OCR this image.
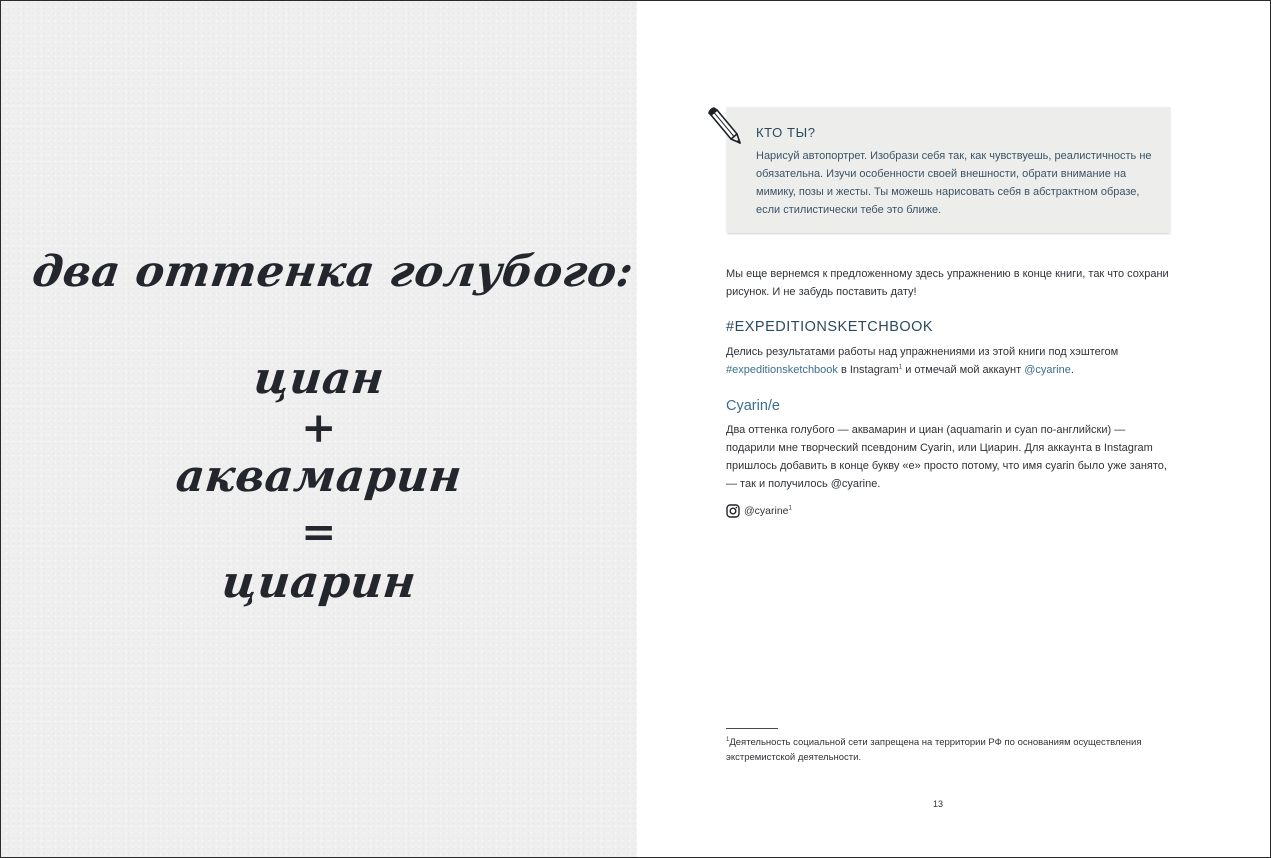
два оттенка голубого:
циан
+
аквамарин
=
циарин
КТО ТЫ?
Нарисуй автопортрет. Изобрази себя так, как чувствуешь, реалистичность не обязательна. Изучи особенности своей внешности, обрати внимание на мимику, позы и жесты. Ты можешь нарисовать себя в абстрактном образе, если стилистически тебе это ближе.
Мы еще вернемся к предложенному здесь упражнению в конце книги, так что сохрани рисунок. И не забудь поставить дату!
#EXPEDITIONSKETCHBOOK
Делись результатами работы над упражнениями из этой книги под хэштегом #expeditionsketchbook в Instagram$^1$ и отмечай мой аккаунт @cyarine.
Cyarin/e
Два оттенка голубого — аквамарин и циан (aquamarin и cyan по-английски) — подарили мне творческий псевдоним Cyarin, или Циарин. Для аккаунта в Instagram пришлось добавить в конце букву «e» просто потому, что имя cyarin было уже занято, — так и получилось @cyarine.
@cyarine$^1$
$^1$Деятельность социальной сети запрещена на территории РФ по основаниям осуществления экстремистской деятельности.
13
